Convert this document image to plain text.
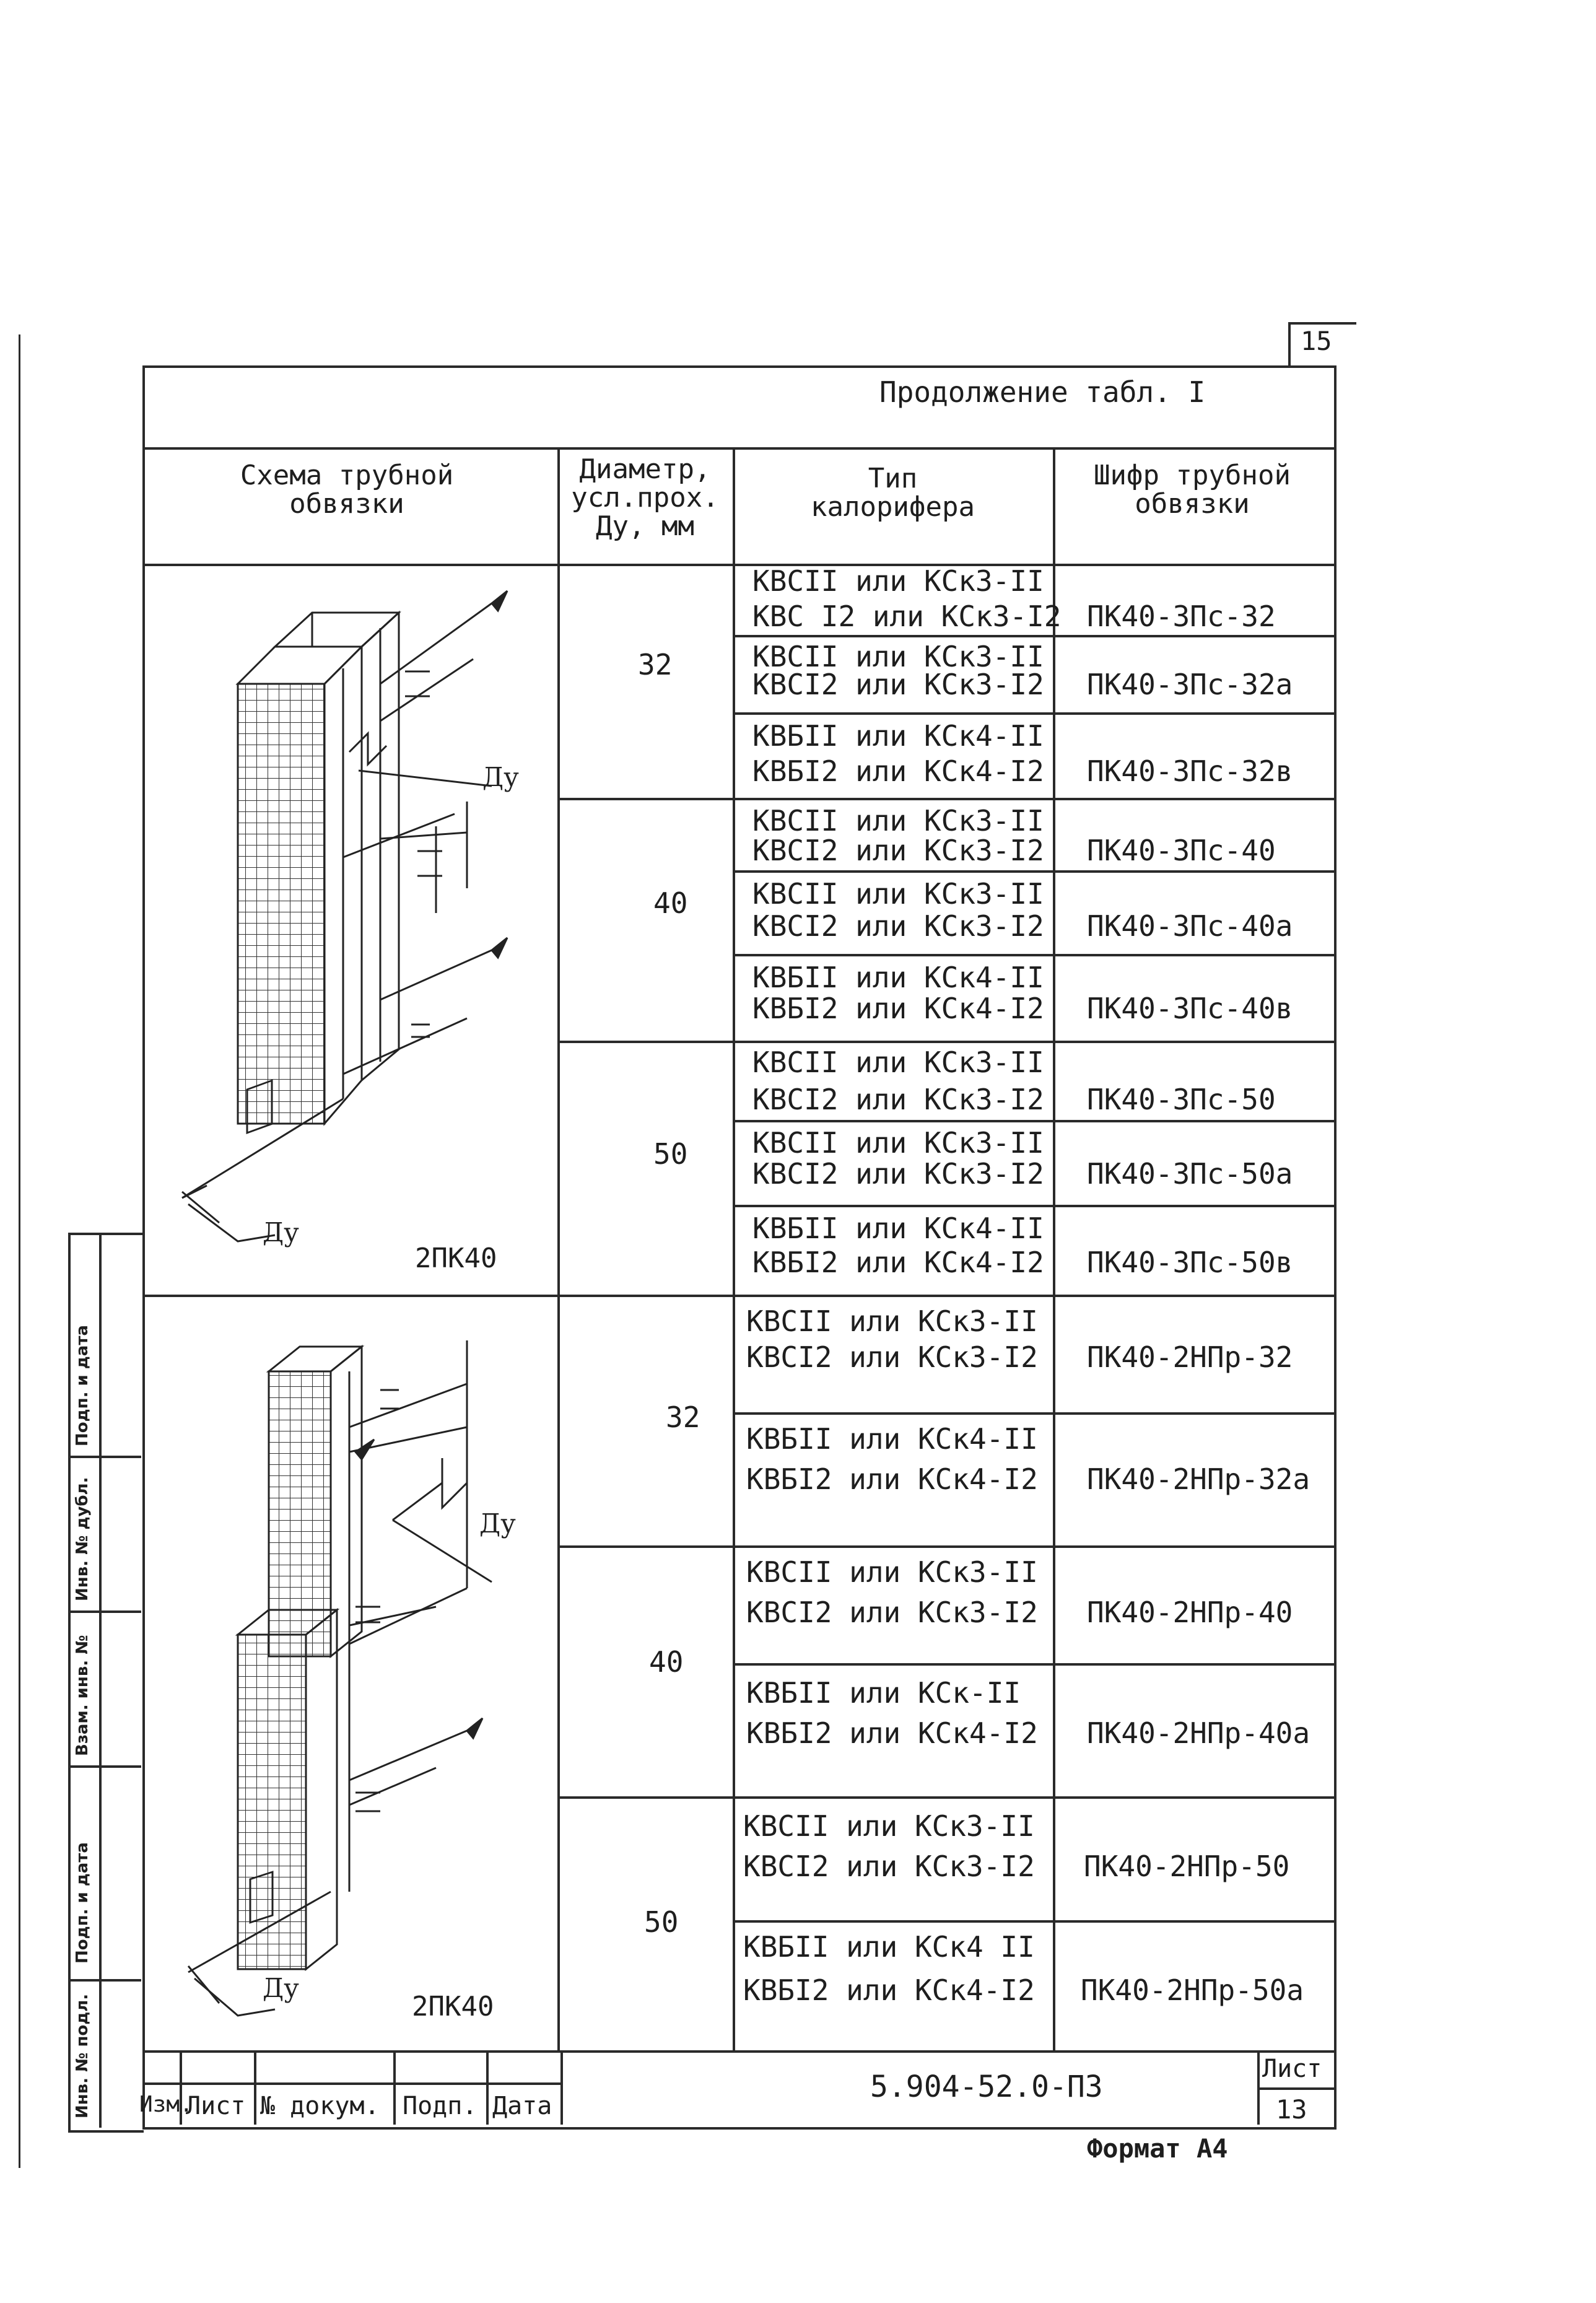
15
Продолжение табл. I
Схема трубной
обвязки
Диаметр,
усл.прох.
Ду, мм
Тип
калорифера
Шифр трубной
обвязки
32
40
50
КВСII или КСк3-II
КВС I2 или КСк3-I2 ПК40-3Пс-32
КВСII или КСк3-II
КВСI2 или КСк3-I2 ПК40-3Пс-32а
КВБII или КСк4-II
КВБI2 или КСк4-I2 ПК40-3Пс-32в
КВСII или КСк3-II
КВСI2 или КСк3-I2 ПК40-3Пс-40
КВСII или КСк3-II
КВСI2 или КСк3-I2 ПК40-3Пс-40а
КВБII или КСк4-II
КВБI2 или КСк4-I2 ПК40-3Пс-40в
КВСII или КСк3-II
КВСI2 или КСк3-I2 ПК40-3Пс-50
КВСII или КСк3-II
КВСI2 или КСк3-I2 ПК40-3Пс-50а
КВБII или КСк4-II
КВБI2 или КСк4-I2 ПК40-3Пс-50в
Ду
Ду
2ПК40
32
40
50
КВСII или КСк3-II
КВСI2 или КСк3-I2 ПК40-2НПр-32
КВБII или КСк4-II
КВБI2 или КСк4-I2 ПК40-2НПр-32а
КВСII или КСк3-II
КВСI2 или КСк3-I2 ПК40-2НПр-40
КВБII или КСк-II
КВБI2 или КСк4-I2 ПК40-2НПр-40а
КВСII или КСк3-II
КВСI2 или КСк3-I2 ПК40-2НПр-50
КВБII или КСк4 II
КВБI2 или КСк4-I2 ПК40-2НПр-50а
Ду
Ду
2ПК40
Изм.
Лист № докум. Подп. Дата
5.904-52.0-ПЗ
Лист
13
Формат А4
Инв. № подл.
Подп. и дата
Взам. инв. №
Инв. № дубл.
Подп. и дата
